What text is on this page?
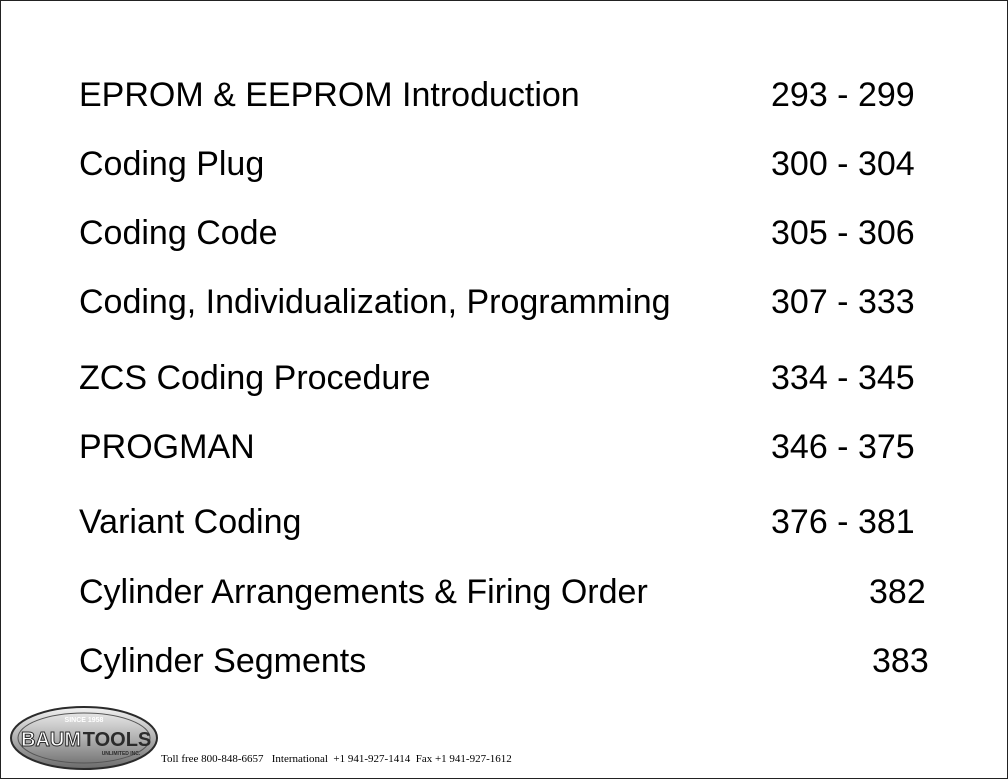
EPROM & EEPROM Introduction	293 - 299
Coding Plug	300 - 304
Coding Code	305 - 306
Coding, Individualization, Programming	307 - 333
ZCS Coding Procedure	334 - 345
PROGMAN	346 - 375
Variant Coding	376 - 381
Cylinder Arrangements & Firing Order	382
Cylinder Segments	383
SINCE 1958
BAUM TOOLS
UNLIMITED INC. Toll free 800-848-6657   International  +1 941-927-1414  Fax +1 941-927-1612
